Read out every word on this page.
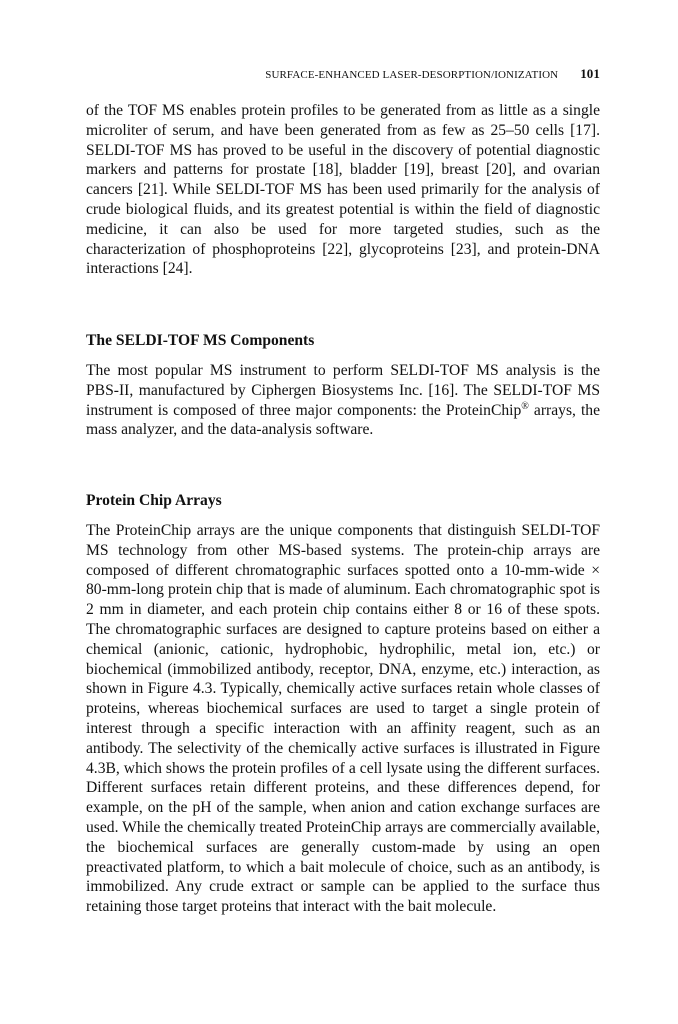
SURFACE-ENHANCED LASER-DESORPTION/IONIZATION 101
of the TOF MS enables protein profiles to be generated from as little as a single microliter of serum, and have been generated from as few as 25–50 cells [17]. SELDI-TOF MS has proved to be useful in the discovery of potential diagnostic markers and patterns for prostate [18], bladder [19], breast [20], and ovarian cancers [21]. While SELDI-TOF MS has been used primarily for the analysis of crude biological fluids, and its greatest potential is within the field of diagnostic medicine, it can also be used for more targeted studies, such as the characterization of phosphoproteins [22], glycoproteins [23], and protein-DNA interactions [24].
The SELDI-TOF MS Components
The most popular MS instrument to perform SELDI-TOF MS analysis is the PBS-II, manufactured by Ciphergen Biosystems Inc. [16]. The SELDI-TOF MS instrument is composed of three major components: the ProteinChip® arrays, the mass analyzer, and the data-analysis software.
Protein Chip Arrays
The ProteinChip arrays are the unique components that distinguish SELDI-TOF MS technology from other MS-based systems. The protein-chip arrays are composed of different chromatographic surfaces spotted onto a 10-mm-wide × 80-mm-long protein chip that is made of aluminum. Each chromatographic spot is 2 mm in diameter, and each protein chip contains either 8 or 16 of these spots. The chromatographic surfaces are designed to capture proteins based on either a chemical (anionic, cationic, hydrophobic, hydrophilic, metal ion, etc.) or biochemical (immobilized antibody, receptor, DNA, enzyme, etc.) interaction, as shown in Figure 4.3. Typically, chemically active surfaces retain whole classes of proteins, whereas biochemical surfaces are used to target a single protein of interest through a specific interaction with an affinity reagent, such as an antibody. The selectivity of the chemically active surfaces is illustrated in Figure 4.3B, which shows the protein profiles of a cell lysate using the different surfaces. Different surfaces retain different proteins, and these differences depend, for example, on the pH of the sample, when anion and cation exchange surfaces are used. While the chemically treated ProteinChip arrays are commercially available, the biochemical surfaces are generally custom-made by using an open preactivated platform, to which a bait molecule of choice, such as an antibody, is immobilized. Any crude extract or sample can be applied to the surface thus retaining those target proteins that interact with the bait molecule.
